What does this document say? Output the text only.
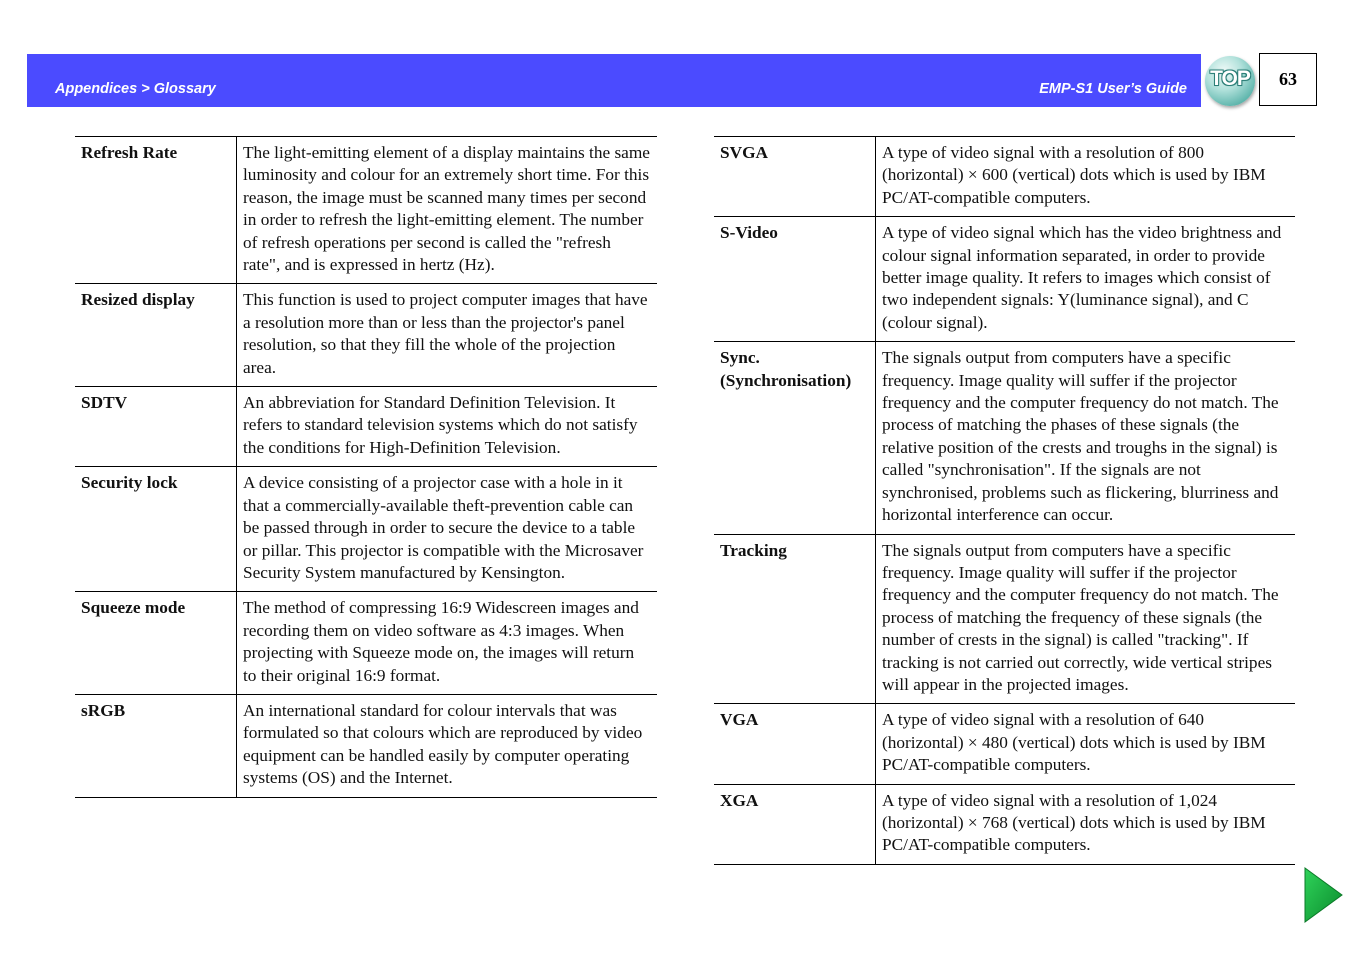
Appendices > Glossary	EMP-S1 User’s Guide TOP	63
Refresh Rate	The light-emitting element of a display maintains the same luminosity and colour for an extremely short time. For this reason, the image must be scanned many times per second in order to refresh the light-emitting element. The number of refresh operations per second is called the "refresh rate", and is expressed in hertz (Hz).
Resized display	This function is used to project computer images that have a resolution more than or less than the projector's panel resolution, so that they fill the whole of the projection area.
SDTV	An abbreviation for Standard Definition Television. It refers to standard television systems which do not satisfy the conditions for High-Definition Television.
Security lock	A device consisting of a projector case with a hole in it that a commercially-available theft-prevention cable can be passed through in order to secure the device to a table or pillar. This projector is compatible with the Microsaver Security System manufactured by Kensington.
Squeeze mode	The method of compressing 16:9 Widescreen images and recording them on video software as 4:3 images. When projecting with Squeeze mode on, the images will return to their original 16:9 format.
sRGB	An international standard for colour intervals that was formulated so that colours which are reproduced by video equipment can be handled easily by computer operating systems (OS) and the Internet.
SVGA	A type of video signal with a resolution of 800 (horizontal) × 600 (vertical) dots which is used by IBM PC/AT-compatible computers.
S-Video	A type of video signal which has the video brightness and colour signal information separated, in order to provide better image quality. It refers to images which consist of two independent signals: Y(luminance signal), and C (colour signal).
Sync. (Synchronisation)	The signals output from computers have a specific frequency. Image quality will suffer if the projector frequency and the computer frequency do not match. The process of matching the phases of these signals (the relative position of the crests and troughs in the signal) is called "synchronisation". If the signals are not synchronised, problems such as flickering, blurriness and horizontal interference can occur.
Tracking	The signals output from computers have a specific frequency. Image quality will suffer if the projector frequency and the computer frequency do not match. The process of matching the frequency of these signals (the number of crests in the signal) is called "tracking". If tracking is not carried out correctly, wide vertical stripes will appear in the projected images.
VGA	A type of video signal with a resolution of 640 (horizontal) × 480 (vertical) dots which is used by IBM PC/AT-compatible computers.
XGA	A type of video signal with a resolution of 1,024 (horizontal) × 768 (vertical) dots which is used by IBM PC/AT-compatible computers.
